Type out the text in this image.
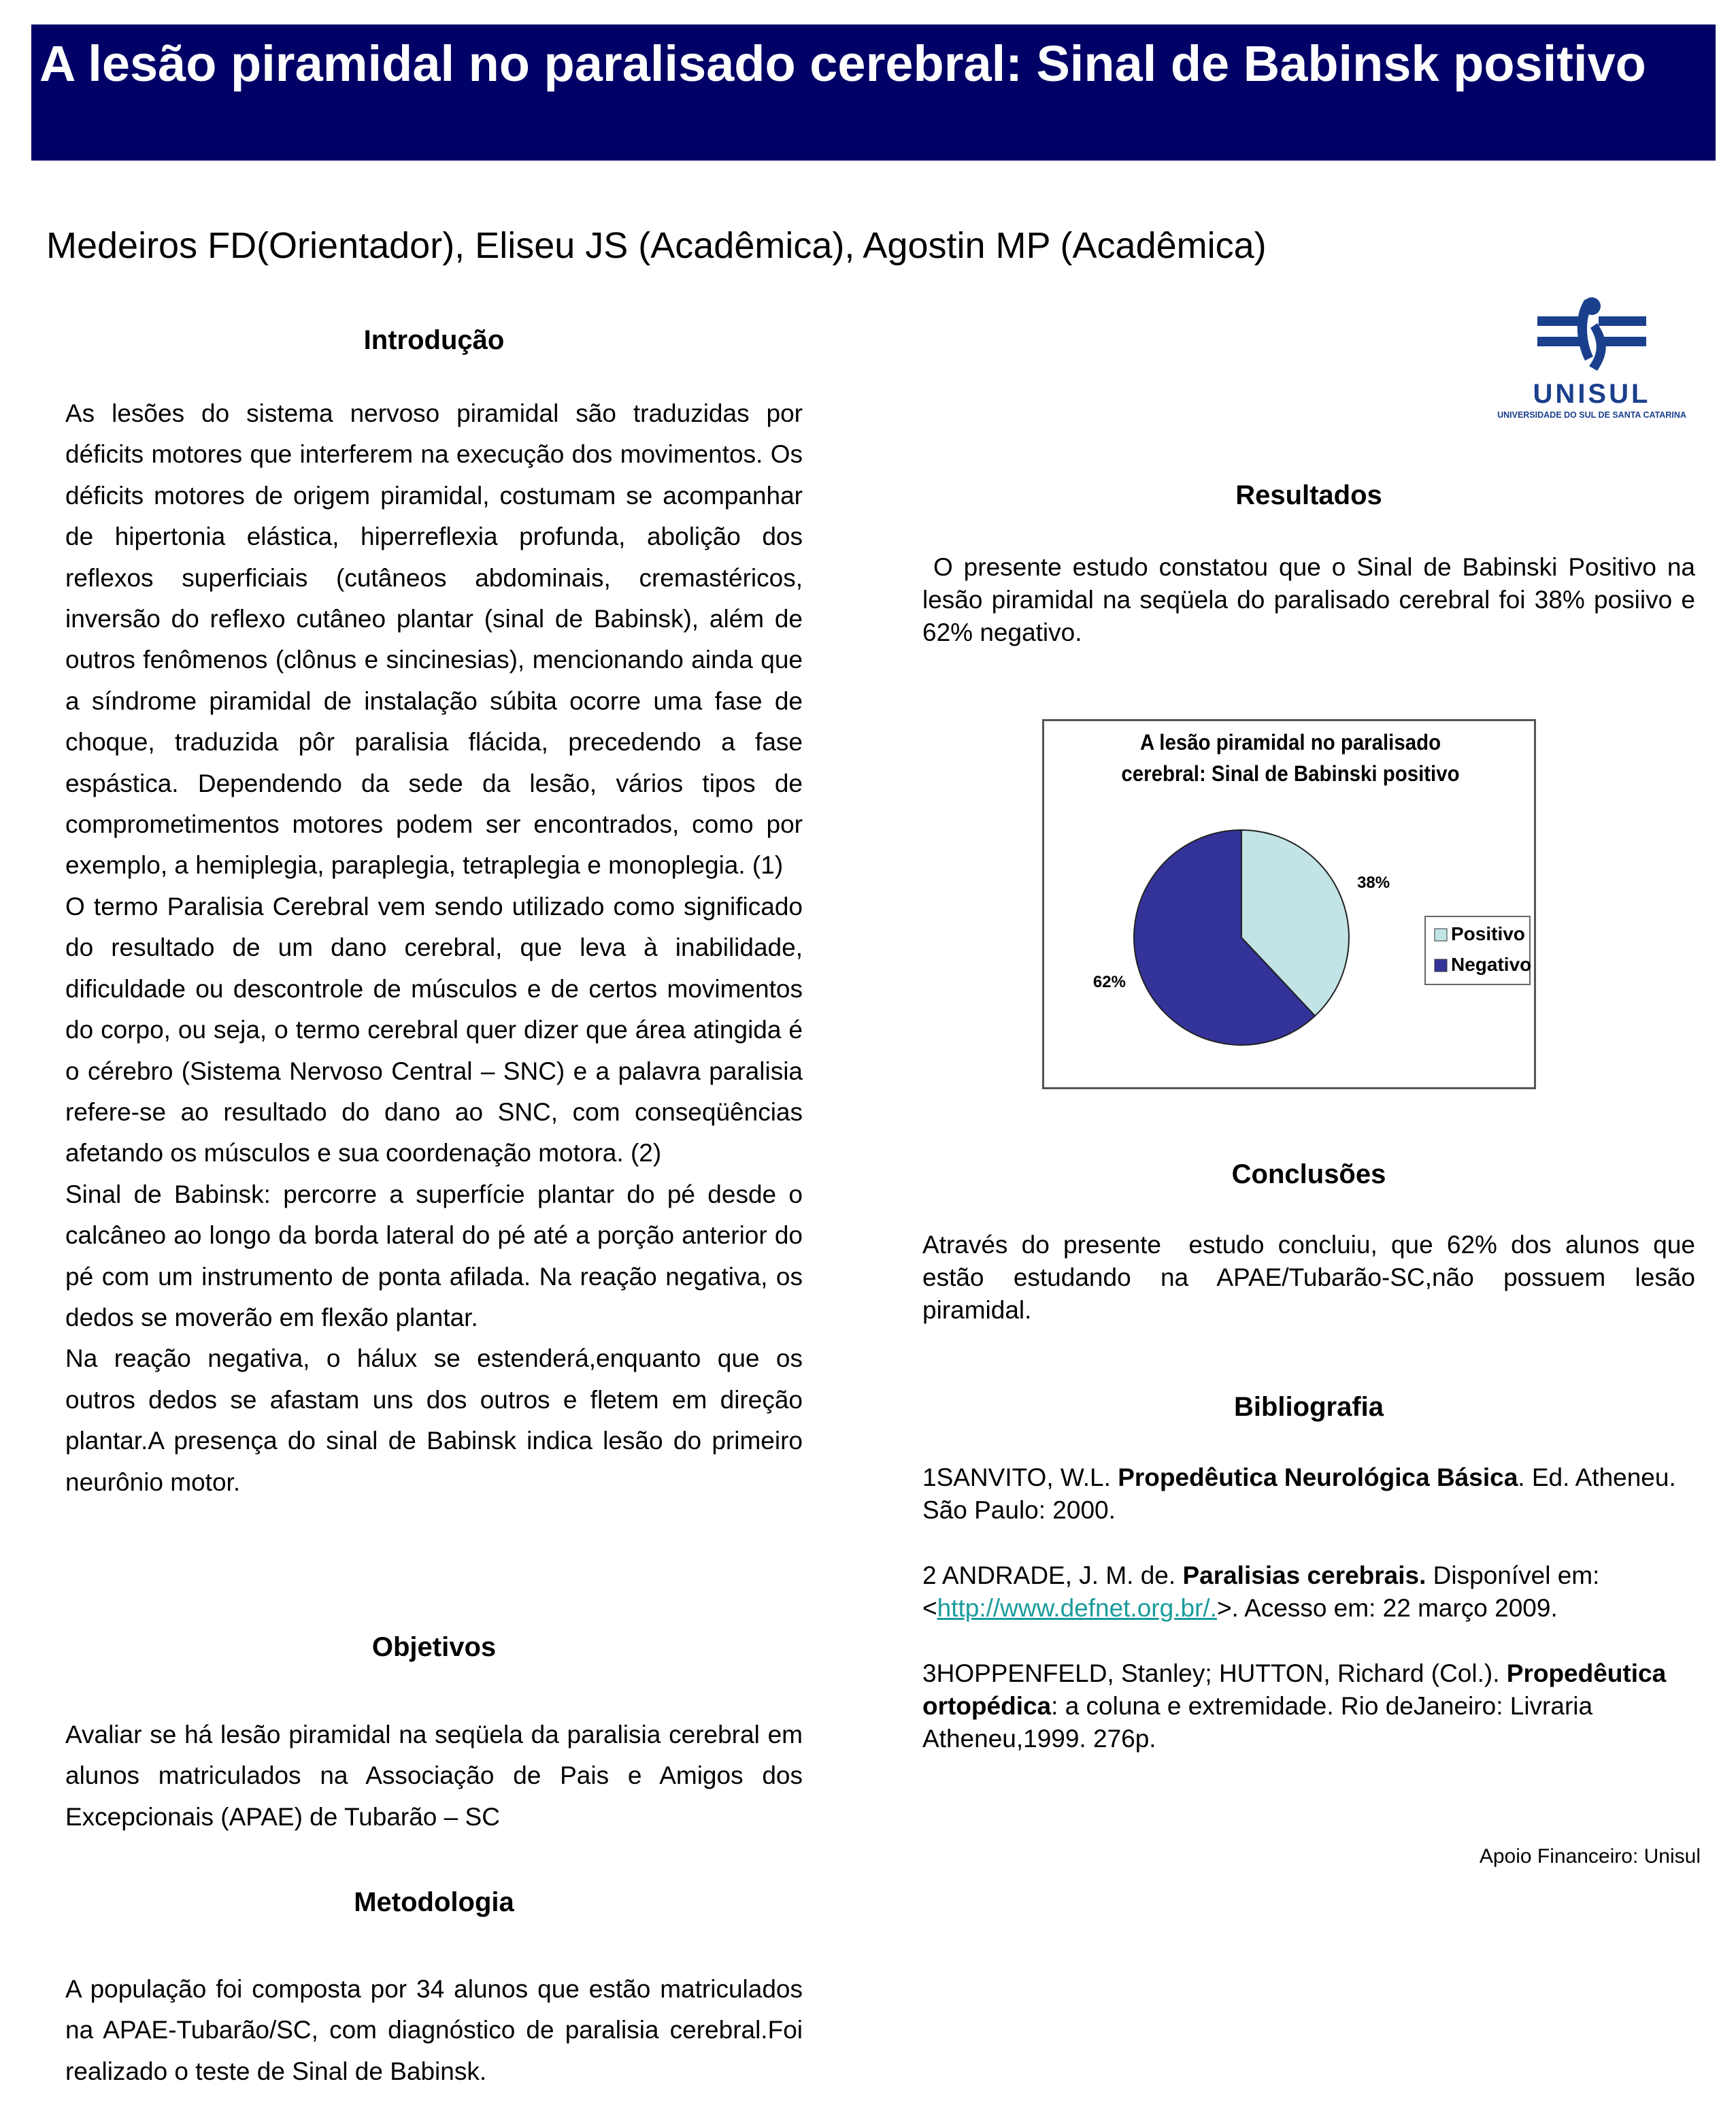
A lesão piramidal no paralisado cerebral: Sinal de Babinsk positivo
Medeiros FD(Orientador), Eliseu JS (Acadêmica), Agostin MP (Acadêmica)
UNISUL
UNIVERSIDADE DO SUL DE SANTA CATARINA
Introdução

As lesões do sistema nervoso piramidal são traduzidas por déficits motores que interferem na execução dos movimentos. Os déficits motores de origem piramidal, costumam se acompanhar de hipertonia elástica, hiperreflexia profunda, abolição dos reflexos superficiais (cutâneos abdominais, cremastéricos, inversão do reflexo cutâneo plantar (sinal de Babinsk), além de outros fenômenos (clônus e sincinesias), mencionando ainda que a síndrome piramidal de instalação súbita ocorre uma fase de choque, traduzida pôr paralisia flácida, precedendo a fase espástica. Dependendo da sede da lesão, vários tipos de comprometimentos motores podem ser encontrados, como por exemplo, a hemiplegia, paraplegia, tetraplegia e monoplegia. (1)

O termo Paralisia Cerebral vem sendo utilizado como significado do resultado de um dano cerebral, que leva à inabilidade, dificuldade ou descontrole de músculos e de certos movimentos do corpo, ou seja, o termo cerebral quer dizer que área atingida é o cérebro (Sistema Nervoso Central – SNC) e a palavra paralisia refere-se ao resultado do dano ao SNC, com conseqüências afetando os músculos e sua coordenação motora. (2)

Sinal de Babinsk: percorre a superfície plantar do pé desde o calcâneo ao longo da borda lateral do pé até a porção anterior do pé com um instrumento de ponta afilada. Na reação negativa, os dedos se moverão em flexão plantar.

Na reação negativa, o hálux se estenderá,enquanto que os outros dedos se afastam uns dos outros e fletem em direção plantar.A presença do sinal de Babinsk indica lesão do primeiro neurônio motor.

Objetivos
Avaliar se há lesão piramidal na seqüela da paralisia cerebral em alunos matriculados na Associação de Pais e Amigos dos Excepcionais (APAE) de Tubarão – SC
Metodologia
A população foi composta por 34 alunos que estão matriculados na APAE-Tubarão/SC, com diagnóstico de paralisia cerebral.Foi realizado o teste de Sinal de Babinsk.
Resultados
O presente estudo constatou que o Sinal de Babinski Positivo na lesão piramidal na seqüela do paralisado cerebral foi 38% posiivo e 62% negativo.
A lesão piramidal no paralisado
cerebral: Sinal de Babinski positivo
38%
62%
Positivo
Negativo
Conclusões
Através do presente  estudo concluiu, que 62% dos alunos que estão estudando na APAE/Tubarão-SC,não possuem lesão piramidal.
Bibliografia

1SANVITO, W.L. Propedêutica Neurológica Básica. Ed. Atheneu. São Paulo: 2000.

2 ANDRADE, J. M. de. Paralisias cerebrais. Disponível em: <http://www.defnet.org.br/.>. Acesso em: 22 março 2009.

3HOPPENFELD, Stanley; HUTTON, Richard (Col.). Propedêutica ortopédica: a coluna e extremidade. Rio deJaneiro: Livraria Atheneu,1999. 276p.

Apoio Financeiro: Unisul
